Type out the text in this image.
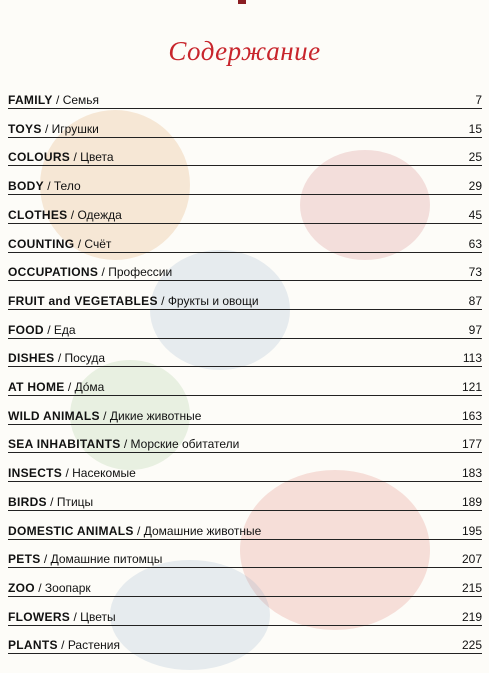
Содержание
FAMILY / Семья	7
TOYS / Игрушки	15
COLOURS / Цвета	25
BODY / Тело	29
CLOTHES / Одежда	45
COUNTING / Счёт	63
OCCUPATIONS / Профессии	73
FRUIT and VEGETABLES / Фрукты и овощи	87
FOOD / Еда	97
DISHES / Посуда	113
AT HOME / Дóма	121
WILD ANIMALS / Дикие животные	163
SEA INHABITANTS / Морские обитатели	177
INSECTS / Насекомые	183
BIRDS / Птицы	189
DOMESTIC ANIMALS / Домашние животные	195
PETS / Домашние питомцы	207
ZOO / Зоопарк	215
FLOWERS / Цветы	219
PLANTS / Растения	225
